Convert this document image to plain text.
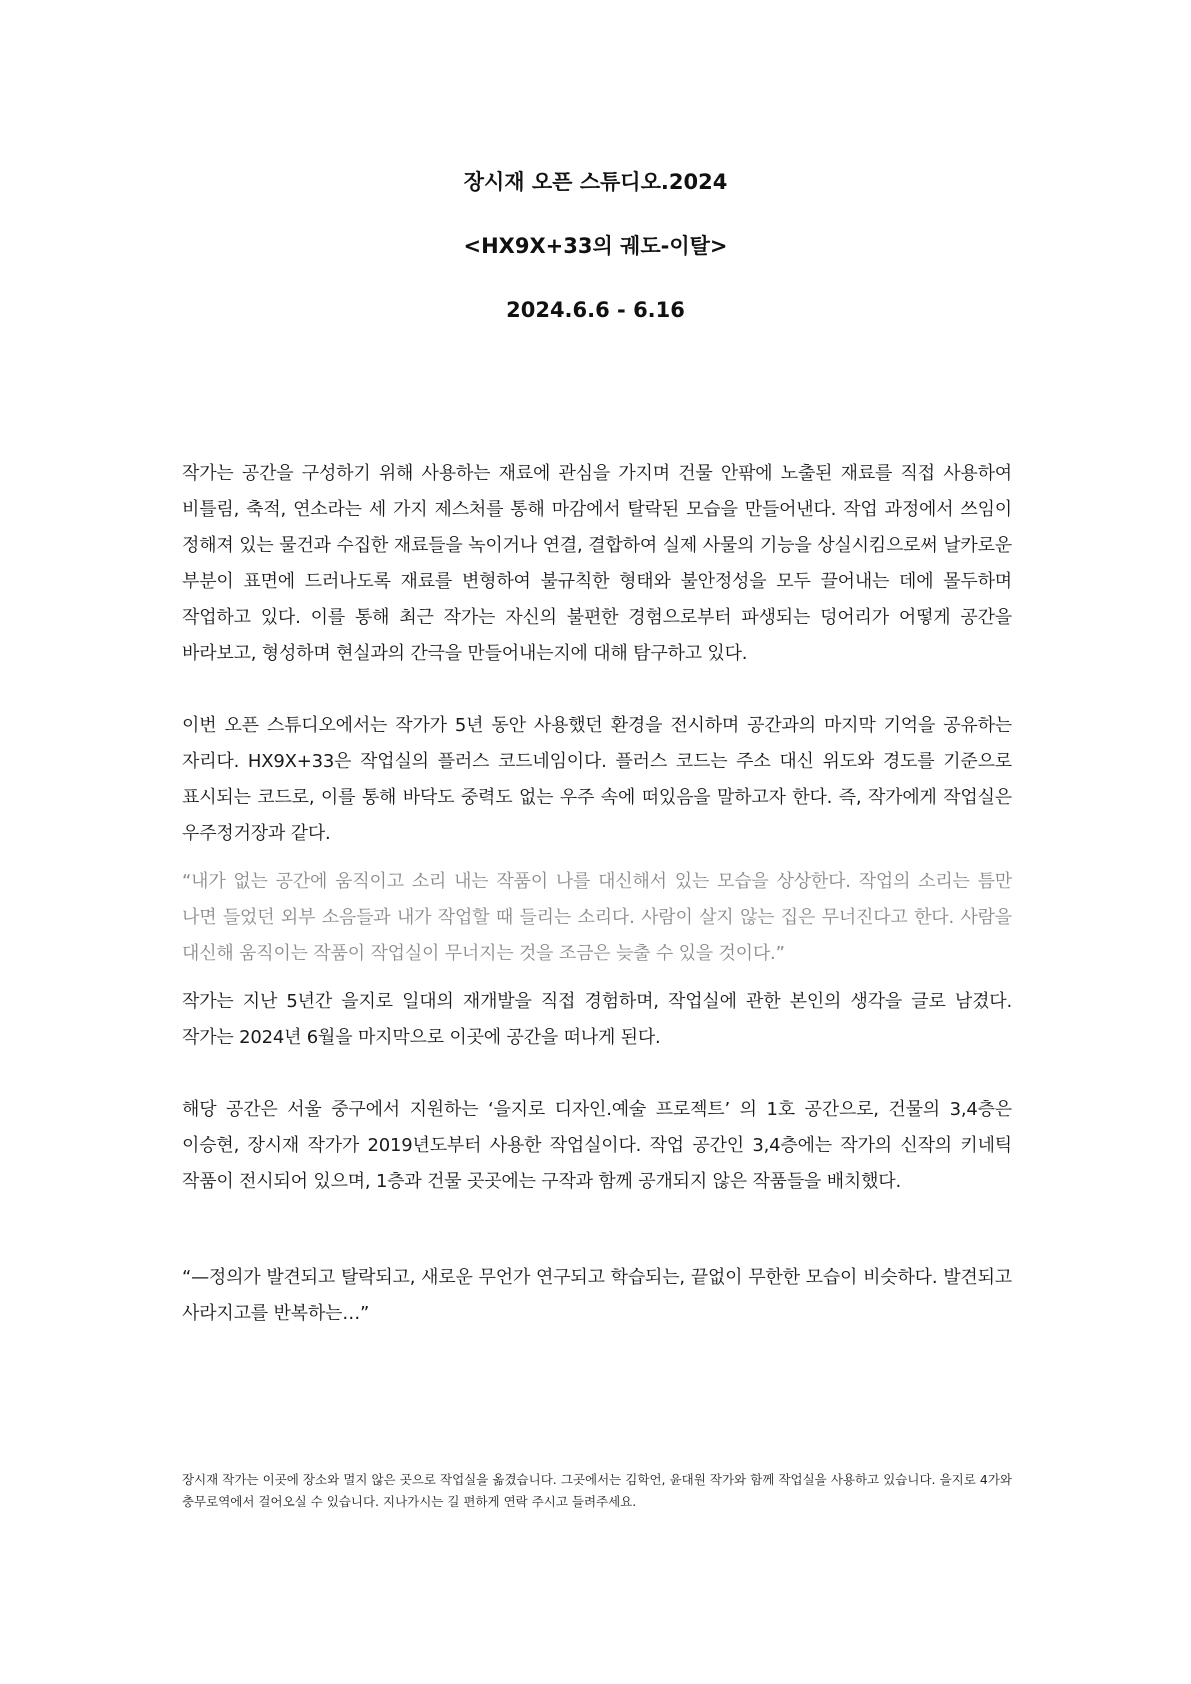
장시재 오픈 스튜디오.2024
<HX9X+33의 궤도-이탈>
2024.6.6 - 6.16

작가는 공간을 구성하기 위해 사용하는 재료에 관심을 가지며 건물 안팎에 노출된 재료를 직접 사용하여 비틀림, 축적, 연소라는 세 가지 제스처를 통해 마감에서 탈락된 모습을 만들어낸다. 작업 과정에서 쓰임이 정해져 있는 물건과 수집한 재료들을 녹이거나 연결, 결합하여 실제 사물의 기능을 상실시킴으로써 날카로운 부분이 표면에 드러나도록 재료를 변형하여 불규칙한 형태와 불안정성을 모두 끌어내는 데에 몰두하며 작업하고 있다. 이를 통해 최근 작가는 자신의 불편한 경험으로부터 파생되는 덩어리가 어떻게 공간을 바라보고, 형성하며 현실과의 간극을 만들어내는지에 대해 탐구하고 있다.

이번 오픈 스튜디오에서는 작가가 5년 동안 사용했던 환경을 전시하며 공간과의 마지막 기억을 공유하는 자리다. HX9X+33은 작업실의 플러스 코드네임이다. 플러스 코드는 주소 대신 위도와 경도를 기준으로 표시되는 코드로, 이를 통해 바닥도 중력도 없는 우주 속에 떠있음을 말하고자 한다. 즉, 작가에게 작업실은 우주정거장과 같다.

“내가 없는 공간에 움직이고 소리 내는 작품이 나를 대신해서 있는 모습을 상상한다. 작업의 소리는 틈만 나면 들었던 외부 소음들과 내가 작업할 때 들리는 소리다. 사람이 살지 않는 집은 무너진다고 한다. 사람을 대신해 움직이는 작품이 작업실이 무너지는 것을 조금은 늦출 수 있을 것이다.”

작가는 지난 5년간 을지로 일대의 재개발을 직접 경험하며, 작업실에 관한 본인의 생각을 글로 남겼다. 작가는 2024년 6월을 마지막으로 이곳에 공간을 떠나게 된다.

해당 공간은 서울 중구에서 지원하는 ‘을지로 디자인.예술 프로젝트’ 의 1호 공간으로, 건물의 3,4층은 이승현, 장시재 작가가 2019년도부터 사용한 작업실이다. 작업 공간인 3,4층에는 작가의 신작의 키네틱 작품이 전시되어 있으며, 1층과 건물 곳곳에는 구작과 함께 공개되지 않은 작품들을 배치했다.

“—정의가 발견되고 탈락되고, 새로운 무언가 연구되고 학습되는, 끝없이 무한한 모습이 비슷하다. 발견되고 사라지고를 반복하는…”

장시재 작가는 이곳에 장소와 멀지 않은 곳으로 작업실을 옮겼습니다. 그곳에서는 김학언, 윤대원 작가와 함께 작업실을 사용하고 있습니다. 을지로 4가와 충무로역에서 걸어오실 수 있습니다. 지나가시는 길 편하게 연락 주시고 들려주세요.
